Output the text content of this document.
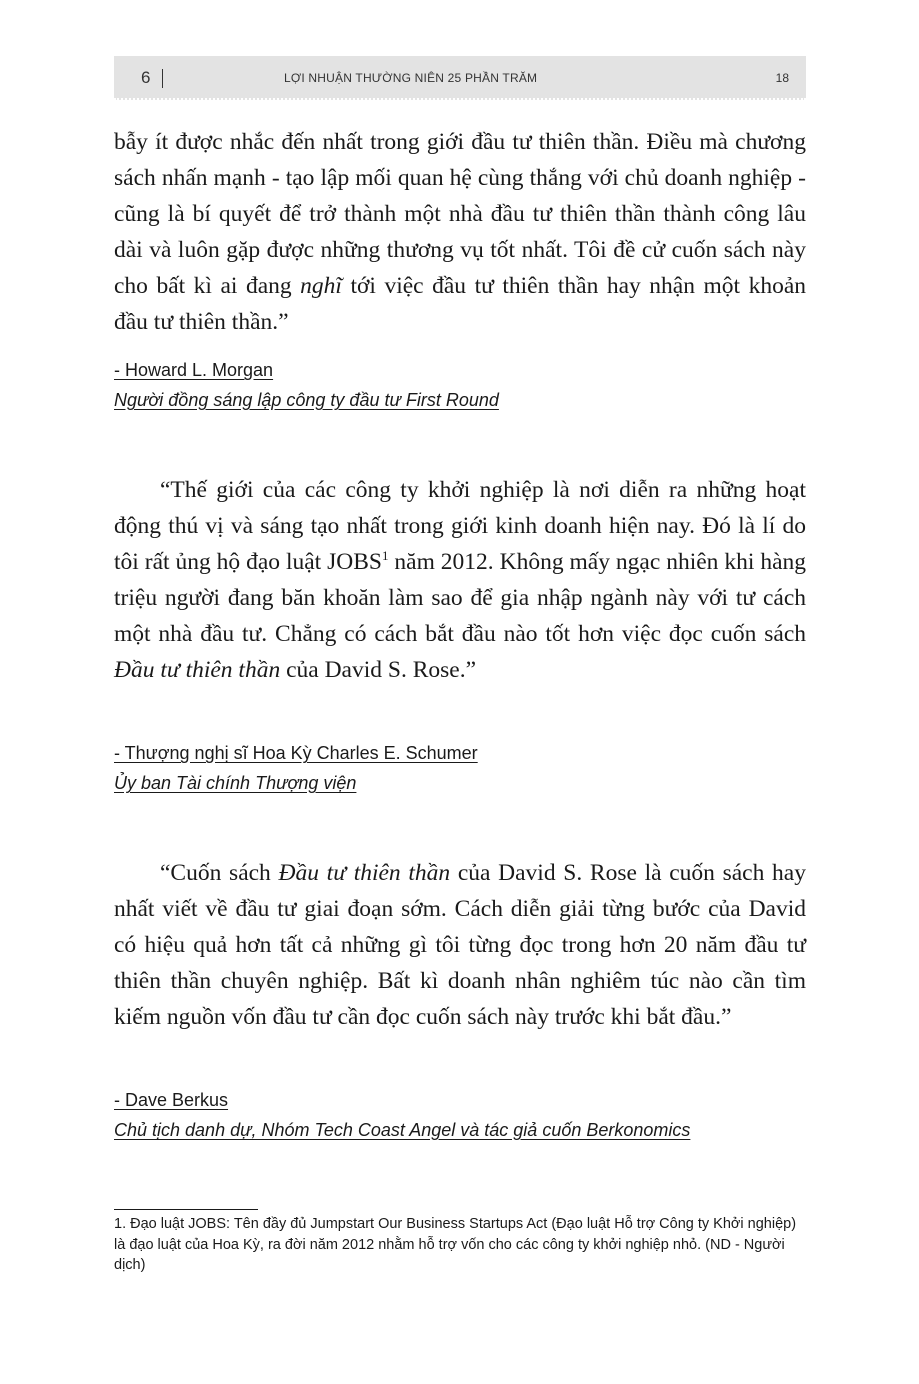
6	LỢI NHUẬN THƯỜNG NIÊN 25 PHẦN TRĂM	18

bẫy ít được nhắc đến nhất trong giới đầu tư thiên thần. Điều mà chương sách nhấn mạnh - tạo lập mối quan hệ cùng thắng với chủ doanh nghiệp - cũng là bí quyết để trở thành một nhà đầu tư thiên thần thành công lâu dài và luôn gặp được những thương vụ tốt nhất. Tôi đề cử cuốn sách này cho bất kì ai đang nghĩ tới việc đầu tư thiên thần hay nhận một khoản đầu tư thiên thần.”

- Howard L. Morgan
Người đồng sáng lập công ty đầu tư First Round

“Thế giới của các công ty khởi nghiệp là nơi diễn ra những hoạt động thú vị và sáng tạo nhất trong giới kinh doanh hiện nay. Đó là lí do tôi rất ủng hộ đạo luật JOBS$^1$ năm 2012. Không mấy ngạc nhiên khi hàng triệu người đang băn khoăn làm sao để gia nhập ngành này với tư cách một nhà đầu tư. Chẳng có cách bắt đầu nào tốt hơn việc đọc cuốn sách Đầu tư thiên thần của David S. Rose.”

- Thượng nghị sĩ Hoa Kỳ Charles E. Schumer
Ủy ban Tài chính Thượng viện

“Cuốn sách Đầu tư thiên thần của David S. Rose là cuốn sách hay nhất viết về đầu tư giai đoạn sớm. Cách diễn giải từng bước của David có hiệu quả hơn tất cả những gì tôi từng đọc trong hơn 20 năm đầu tư thiên thần chuyên nghiệp. Bất kì doanh nhân nghiêm túc nào cần tìm kiếm nguồn vốn đầu tư cần đọc cuốn sách này trước khi bắt đầu.”

- Dave Berkus
Chủ tịch danh dự, Nhóm Tech Coast Angel và tác giả cuốn Berkonomics
1. Đạo luật JOBS: Tên đầy đủ Jumpstart Our Business Startups Act (Đạo luật Hỗ trợ Công ty Khởi nghiệp) là đạo luật của Hoa Kỳ, ra đời năm 2012 nhằm hỗ trợ vốn cho các công ty khởi nghiệp nhỏ. (ND - Người dịch)
